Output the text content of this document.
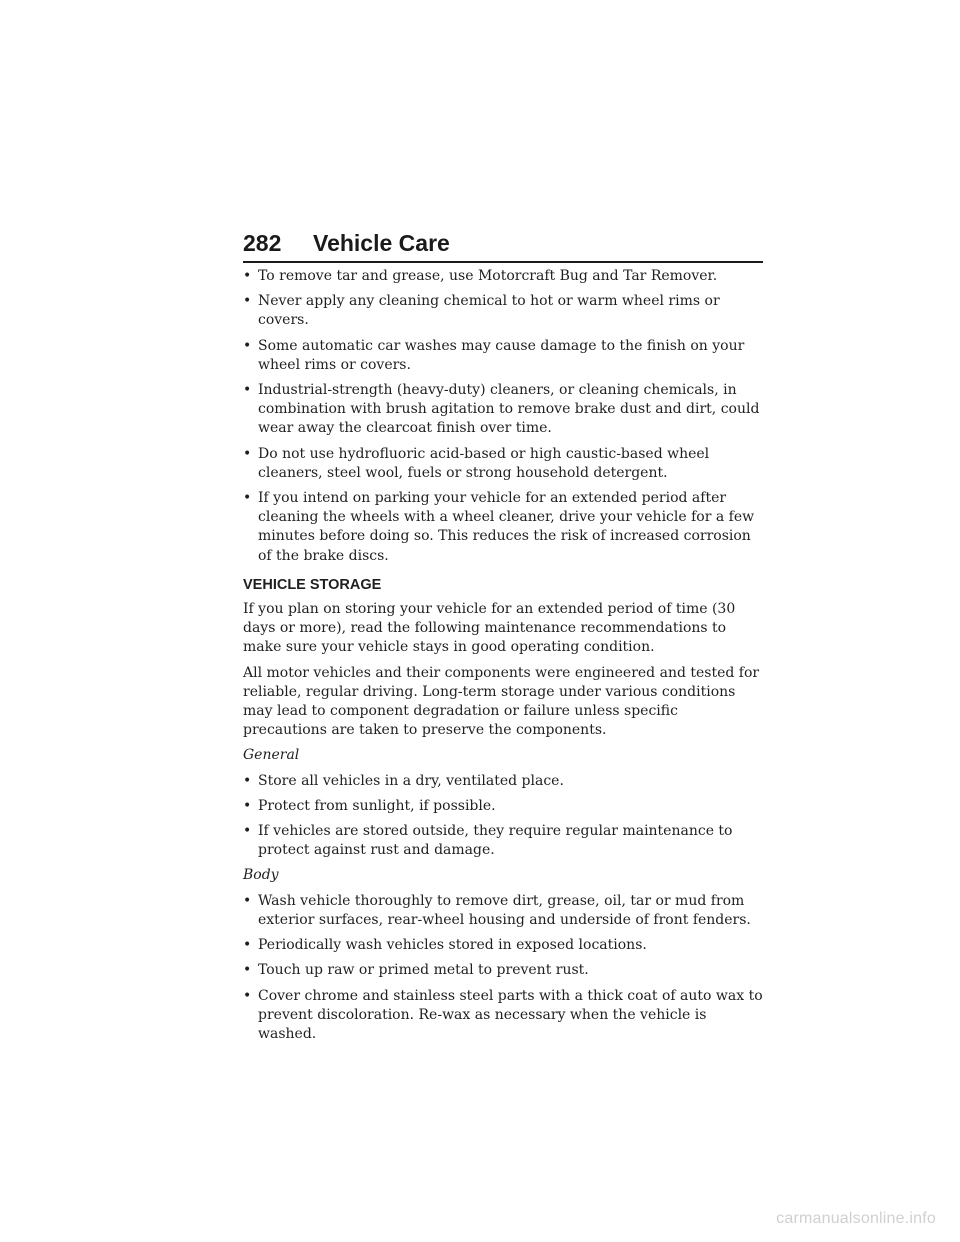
282 Vehicle Care
• To remove tar and grease, use Motorcraft Bug and Tar Remover.
• Never apply any cleaning chemical to hot or warm wheel rims or covers.
• Some automatic car washes may cause damage to the finish on your wheel rims or covers.
• Industrial-strength (heavy-duty) cleaners, or cleaning chemicals, in combination with brush agitation to remove brake dust and dirt, could wear away the clearcoat finish over time.
• Do not use hydrofluoric acid-based or high caustic-based wheel cleaners, steel wool, fuels or strong household detergent.
• If you intend on parking your vehicle for an extended period after cleaning the wheels with a wheel cleaner, drive your vehicle for a few minutes before doing so. This reduces the risk of increased corrosion of the brake discs.
VEHICLE STORAGE
If you plan on storing your vehicle for an extended period of time (30 days or more), read the following maintenance recommendations to make sure your vehicle stays in good operating condition.
All motor vehicles and their components were engineered and tested for reliable, regular driving. Long-term storage under various conditions may lead to component degradation or failure unless specific precautions are taken to preserve the components.
General
• Store all vehicles in a dry, ventilated place.
• Protect from sunlight, if possible.
• If vehicles are stored outside, they require regular maintenance to protect against rust and damage.
Body
• Wash vehicle thoroughly to remove dirt, grease, oil, tar or mud from exterior surfaces, rear-wheel housing and underside of front fenders.
• Periodically wash vehicles stored in exposed locations.
• Touch up raw or primed metal to prevent rust.
• Cover chrome and stainless steel parts with a thick coat of auto wax to prevent discoloration. Re-wax as necessary when the vehicle is washed.
carmanualsonline.info
